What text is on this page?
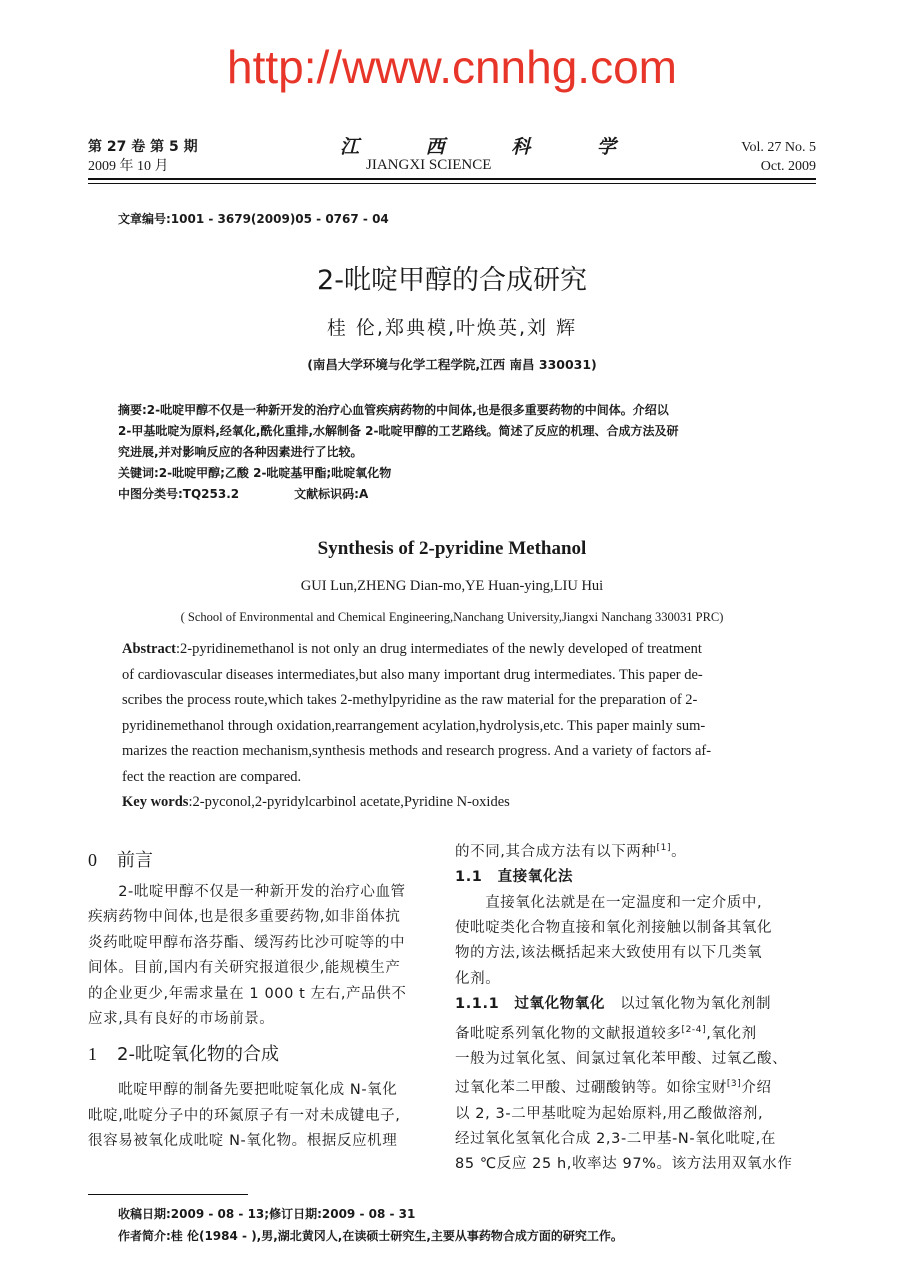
第 27 卷 第 5 期
2009 年 10 月
江 西 科 学
JIANGXI SCIENCE
Vol. 27 No. 5
Oct. 2009
文章编号:1001 - 3679(2009)05 - 0767 - 04
2-吡啶甲醇的合成研究
桂 伦,郑典模,叶焕英,刘 辉
(南昌大学环境与化学工程学院,江西 南昌 330031)
摘要:2-吡啶甲醇不仅是一种新开发的治疗心血管疾病药物的中间体,也是很多重要药物的中间体。介绍以
2-甲基吡啶为原料,经氧化,酰化重排,水解制备 2-吡啶甲醇的工艺路线。简述了反应的机理、合成方法及研
究进展,并对影响反应的各种因素进行了比较。
关键词:2-吡啶甲醇;乙酸 2-吡啶基甲酯;吡啶氧化物
中图分类号:TQ253.2	文献标识码:A
Synthesis of 2-pyridine Methanol
GUI Lun,ZHENG Dian-mo,YE Huan-ying,LIU Hui
( School of Environmental and Chemical Engineering,Nanchang University,Jiangxi Nanchang 330031 PRC)
Abstract:2-pyridinemethanol is not only an drug intermediates of the newly developed of treatment
of cardiovascular diseases intermediates,but also many important drug intermediates. This paper de-
scribes the process route,which takes 2-methylpyridine as the raw material for the preparation of 2-
pyridinemethanol through oxidation,rearrangement acylation,hydrolysis,etc. This paper mainly sum-
marizes the reaction mechanism,synthesis methods and research progress. And a variety of factors af-
fect the reaction are compared.
Key words:2-pyconol,2-pyridylcarbinol acetate,Pyridine N-oxides
0 前言
　　2-吡啶甲醇不仅是一种新开发的治疗心血管
疾病药物中间体,也是很多重要药物,如非甾体抗
炎药吡啶甲醇布洛芬酯、缓泻药比沙可啶等的中
间体。目前,国内有关研究报道很少,能规模生产
的企业更少,年需求量在 1 000 t 左右,产品供不
应求,具有良好的市场前景。
1 2-吡啶氧化物的合成
　　吡啶甲醇的制备先要把吡啶氧化成 N-氧化
吡啶,吡啶分子中的环氮原子有一对未成键电子,
很容易被氧化成吡啶 N-氧化物。根据反应机理
的不同,其合成方法有以下两种[1]。
1.1　直接氧化法
　　直接氧化法就是在一定温度和一定介质中,
使吡啶类化合物直接和氧化剂接触以制备其氧化
物的方法,该法概括起来大致使用有以下几类氧
化剂。
1.1.1　过氧化物氧化　以过氧化物为氧化剂制
备吡啶系列氧化物的文献报道较多[2-4],氧化剂
一般为过氧化氢、间氯过氧化苯甲酸、过氧乙酸、
过氧化苯二甲酸、过硼酸钠等。如徐宝财[3]介绍
以 2, 3-二甲基吡啶为起始原料,用乙酸做溶剂,
经过氧化氢氧化合成 2,3-二甲基-N-氧化吡啶,在
85 ℃反应 25 h,收率达 97%。该方法用双氧水作
收稿日期:2009 - 08 - 13;修订日期:2009 - 08 - 31
作者简介:桂 伦(1984 - ),男,湖北黄冈人,在读硕士研究生,主要从事药物合成方面的研究工作。
http://www.cnnhg.com
